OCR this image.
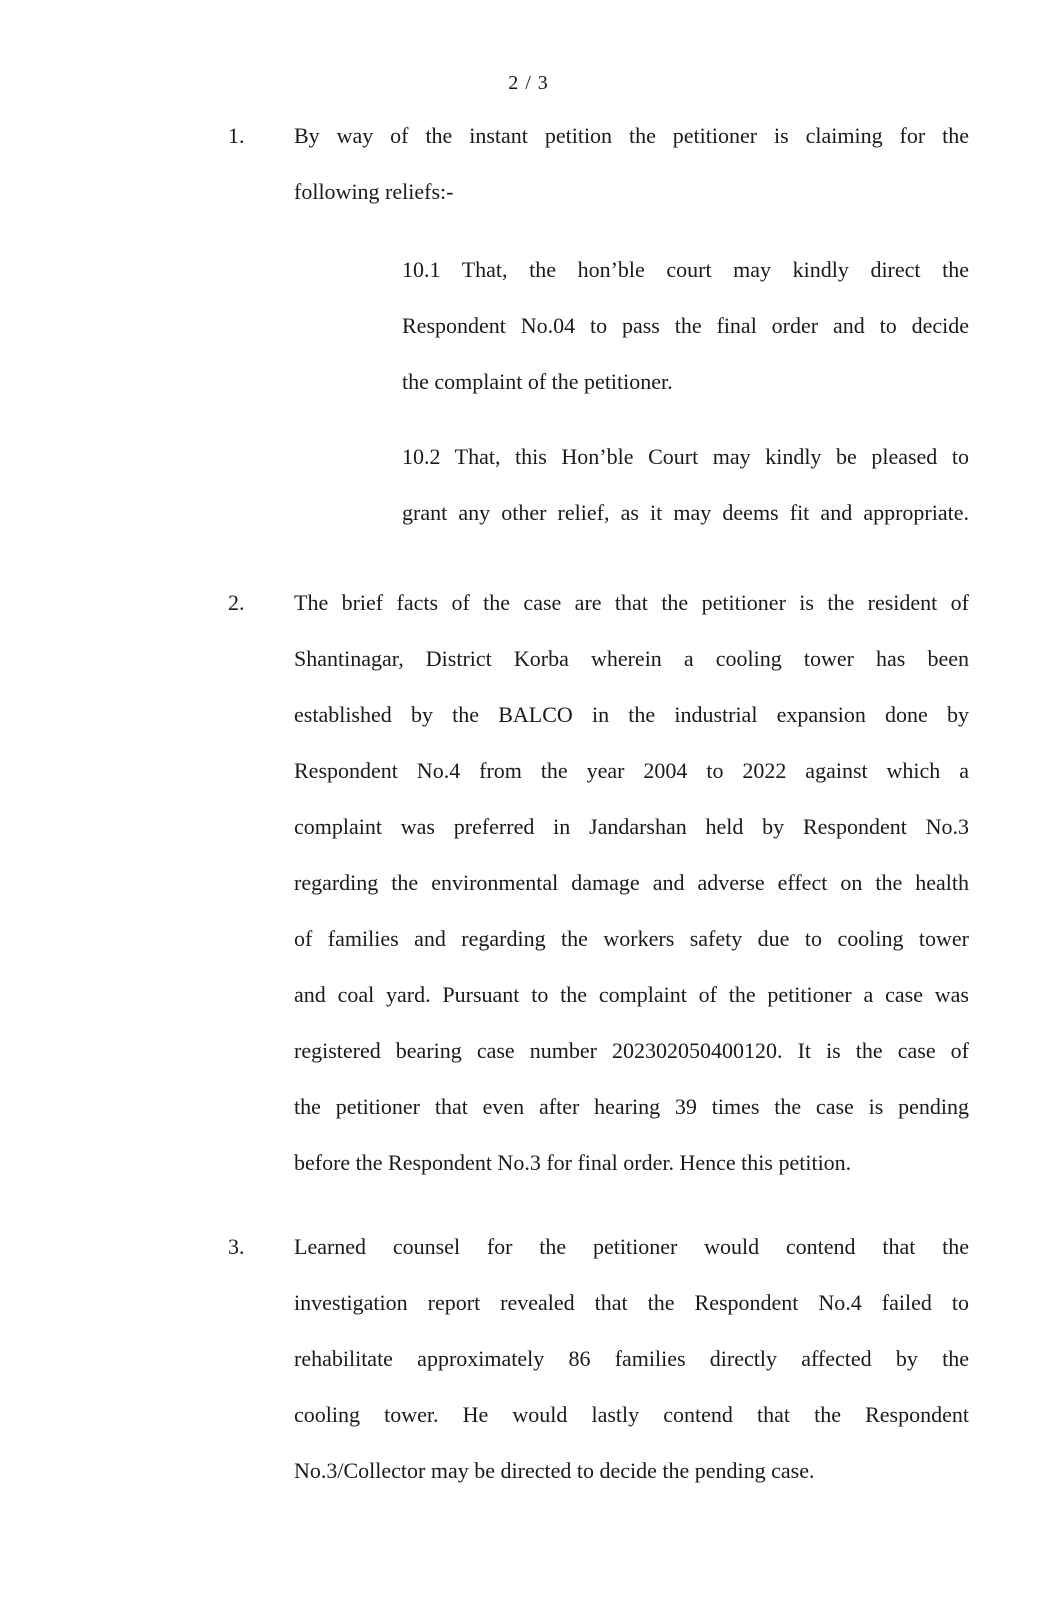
2 / 3
1. By way of the instant petition the petitioner is claiming for the
following reliefs:-
10.1 That, the hon’ble court may kindly direct the
Respondent No.04 to pass the final order and to decide
the complaint of the petitioner.
10.2 That, this Hon’ble Court may kindly be pleased to
grant any other relief, as it may deems fit and appropriate.
2. The brief facts of the case are that the petitioner is the resident of
Shantinagar, District Korba wherein a cooling tower has been
established by the BALCO in the industrial expansion done by
Respondent No.4 from the year 2004 to 2022 against which a
complaint was preferred in Jandarshan held by Respondent No.3
regarding the environmental damage and adverse effect on the health
of families and regarding the workers safety due to cooling tower
and coal yard. Pursuant to the complaint of the petitioner a case was
registered bearing case number 202302050400120. It is the case of
the petitioner that even after hearing 39 times the case is pending
before the Respondent No.3 for final order. Hence this petition.
3. Learned counsel for the petitioner would contend that the
investigation report revealed that the Respondent No.4 failed to
rehabilitate approximately 86 families directly affected by the
cooling tower. He would lastly contend that the Respondent
No.3/Collector may be directed to decide the pending case.
